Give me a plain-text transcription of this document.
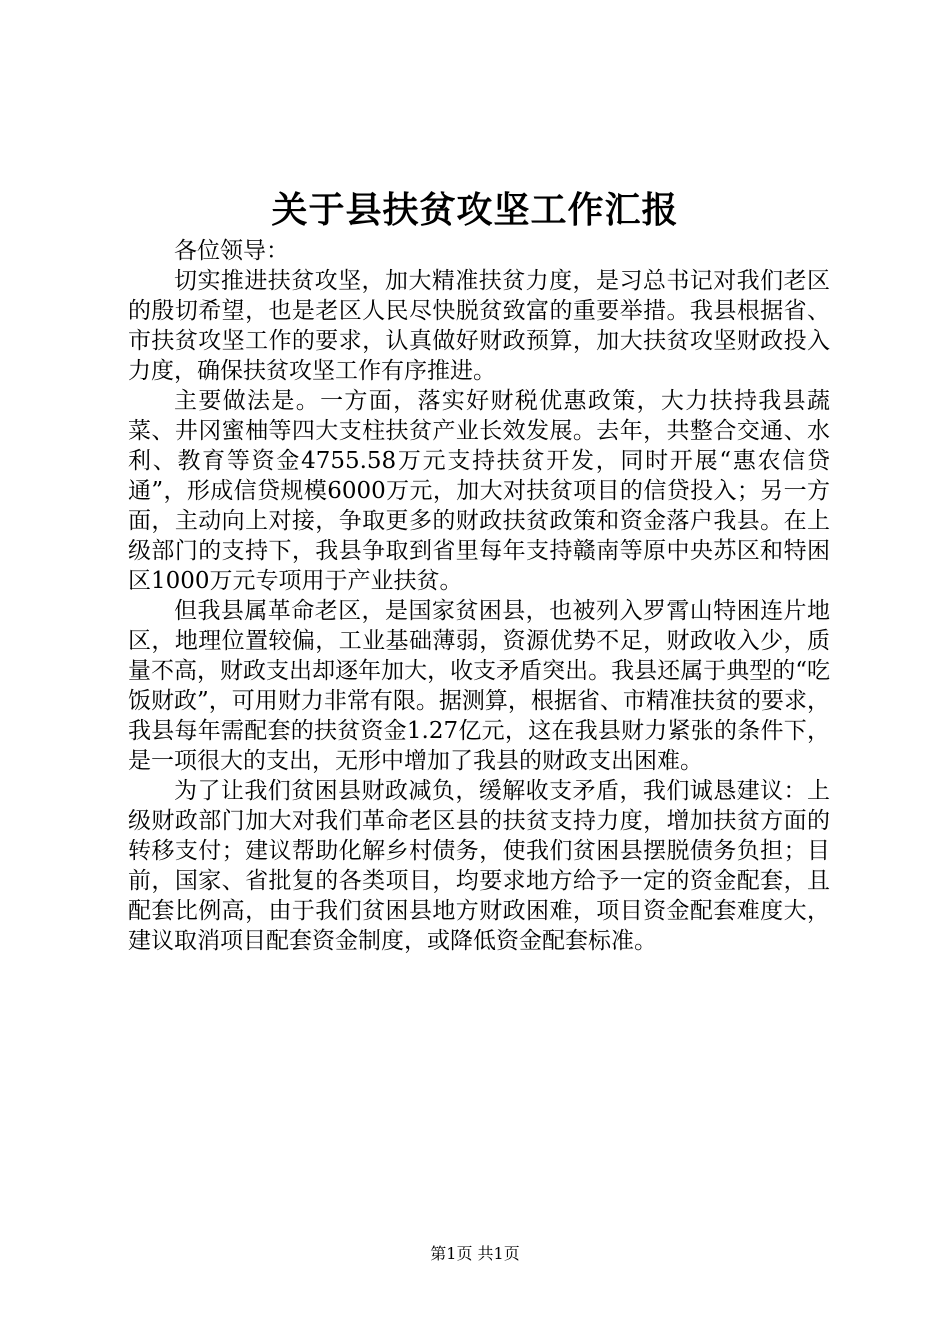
关于县扶贫攻坚工作汇报

各位领导：

切实推进扶贫攻坚，加大精准扶贫力度，是习总书记对我们老区的殷切希望，也是老区人民尽快脱贫致富的重要举措。我县根据省、市扶贫攻坚工作的要求，认真做好财政预算，加大扶贫攻坚财政投入力度，确保扶贫攻坚工作有序推进。

主要做法是。一方面，落实好财税优惠政策，大力扶持我县蔬菜、井冈蜜柚等四大支柱扶贫产业长效发展。去年，共整合交通、水利、教育等资金4755.58万元支持扶贫开发，同时开展“惠农信贷通”，形成信贷规模6000万元，加大对扶贫项目的信贷投入；另一方面，主动向上对接，争取更多的财政扶贫政策和资金落户我县。在上级部门的支持下，我县争取到省里每年支持赣南等原中央苏区和特困区1000万元专项用于产业扶贫。

但我县属革命老区，是国家贫困县，也被列入罗霄山特困连片地区，地理位置较偏，工业基础薄弱，资源优势不足，财政收入少，质量不高，财政支出却逐年加大，收支矛盾突出。我县还属于典型的“吃饭财政”，可用财力非常有限。据测算，根据省、市精准扶贫的要求，我县每年需配套的扶贫资金1.27亿元，这在我县财力紧张的条件下，是一项很大的支出，无形中增加了我县的财政支出困难。

为了让我们贫困县财政减负，缓解收支矛盾，我们诚恳建议：上级财政部门加大对我们革命老区县的扶贫支持力度，增加扶贫方面的转移支付；建议帮助化解乡村债务，使我们贫困县摆脱债务负担；目前，国家、省批复的各类项目，均要求地方给予一定的资金配套，且配套比例高，由于我们贫困县地方财政困难，项目资金配套难度大，建议取消项目配套资金制度，或降低资金配套标准。

第1页 共1页
